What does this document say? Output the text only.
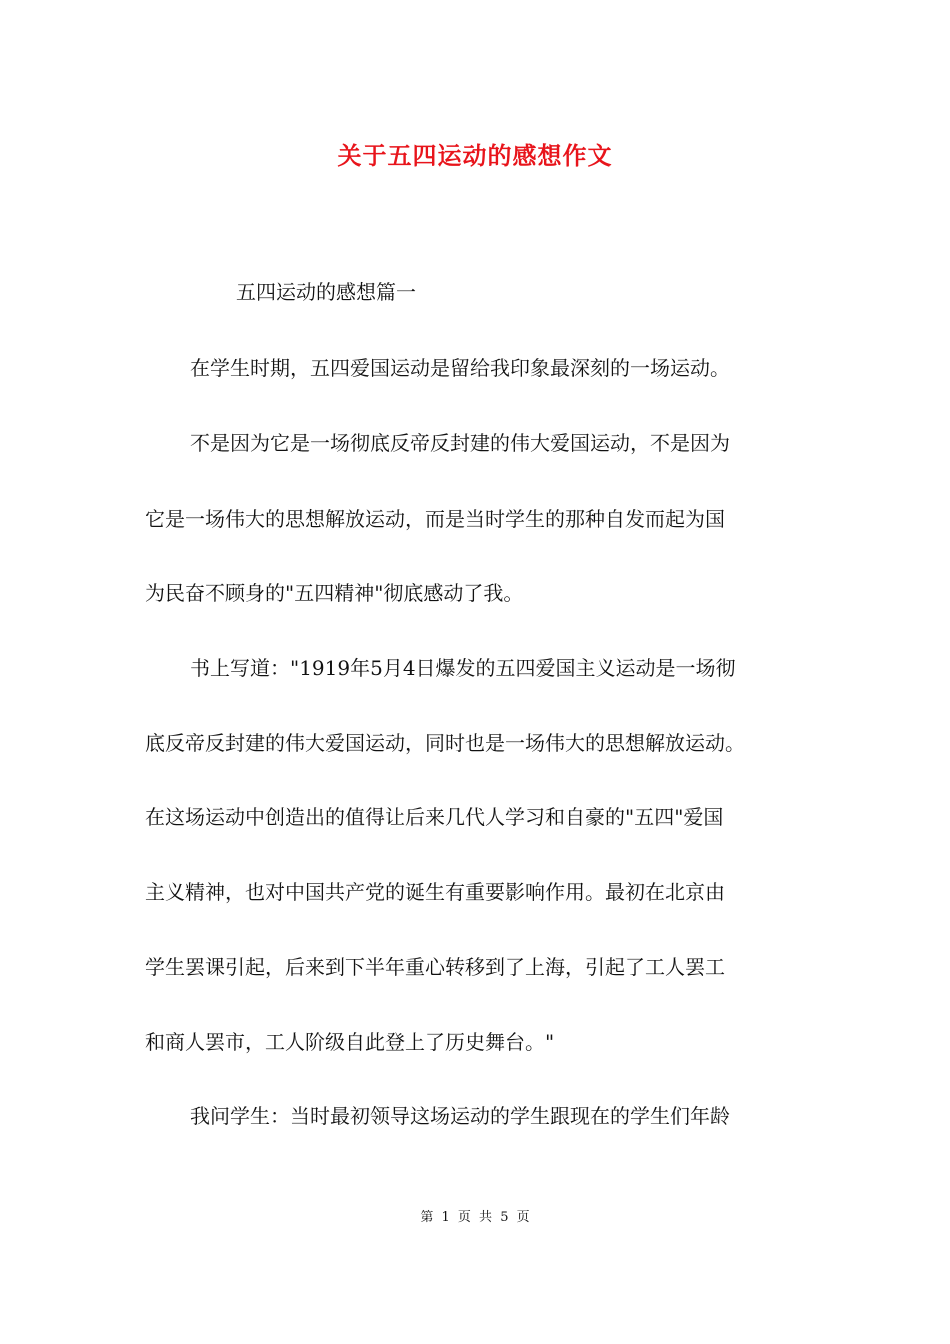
关于五四运动的感想作文
五四运动的感想篇一
在学生时期，五四爱国运动是留给我印象最深刻的一场运动。
不是因为它是一场彻底反帝反封建的伟大爱国运动，不是因为
它是一场伟大的思想解放运动，而是当时学生的那种自发而起为国
为民奋不顾身的"五四精神"彻底感动了我。
书上写道："1919年5月4日爆发的五四爱国主义运动是一场彻
底反帝反封建的伟大爱国运动，同时也是一场伟大的思想解放运动。
在这场运动中创造出的值得让后来几代人学习和自豪的"五四"爱国
主义精神，也对中国共产党的诞生有重要影响作用。最初在北京由
学生罢课引起，后来到下半年重心转移到了上海，引起了工人罢工
和商人罢市，工人阶级自此登上了历史舞台。"
我问学生：当时最初领导这场运动的学生跟现在的学生们年龄
第 1 页 共 5 页
